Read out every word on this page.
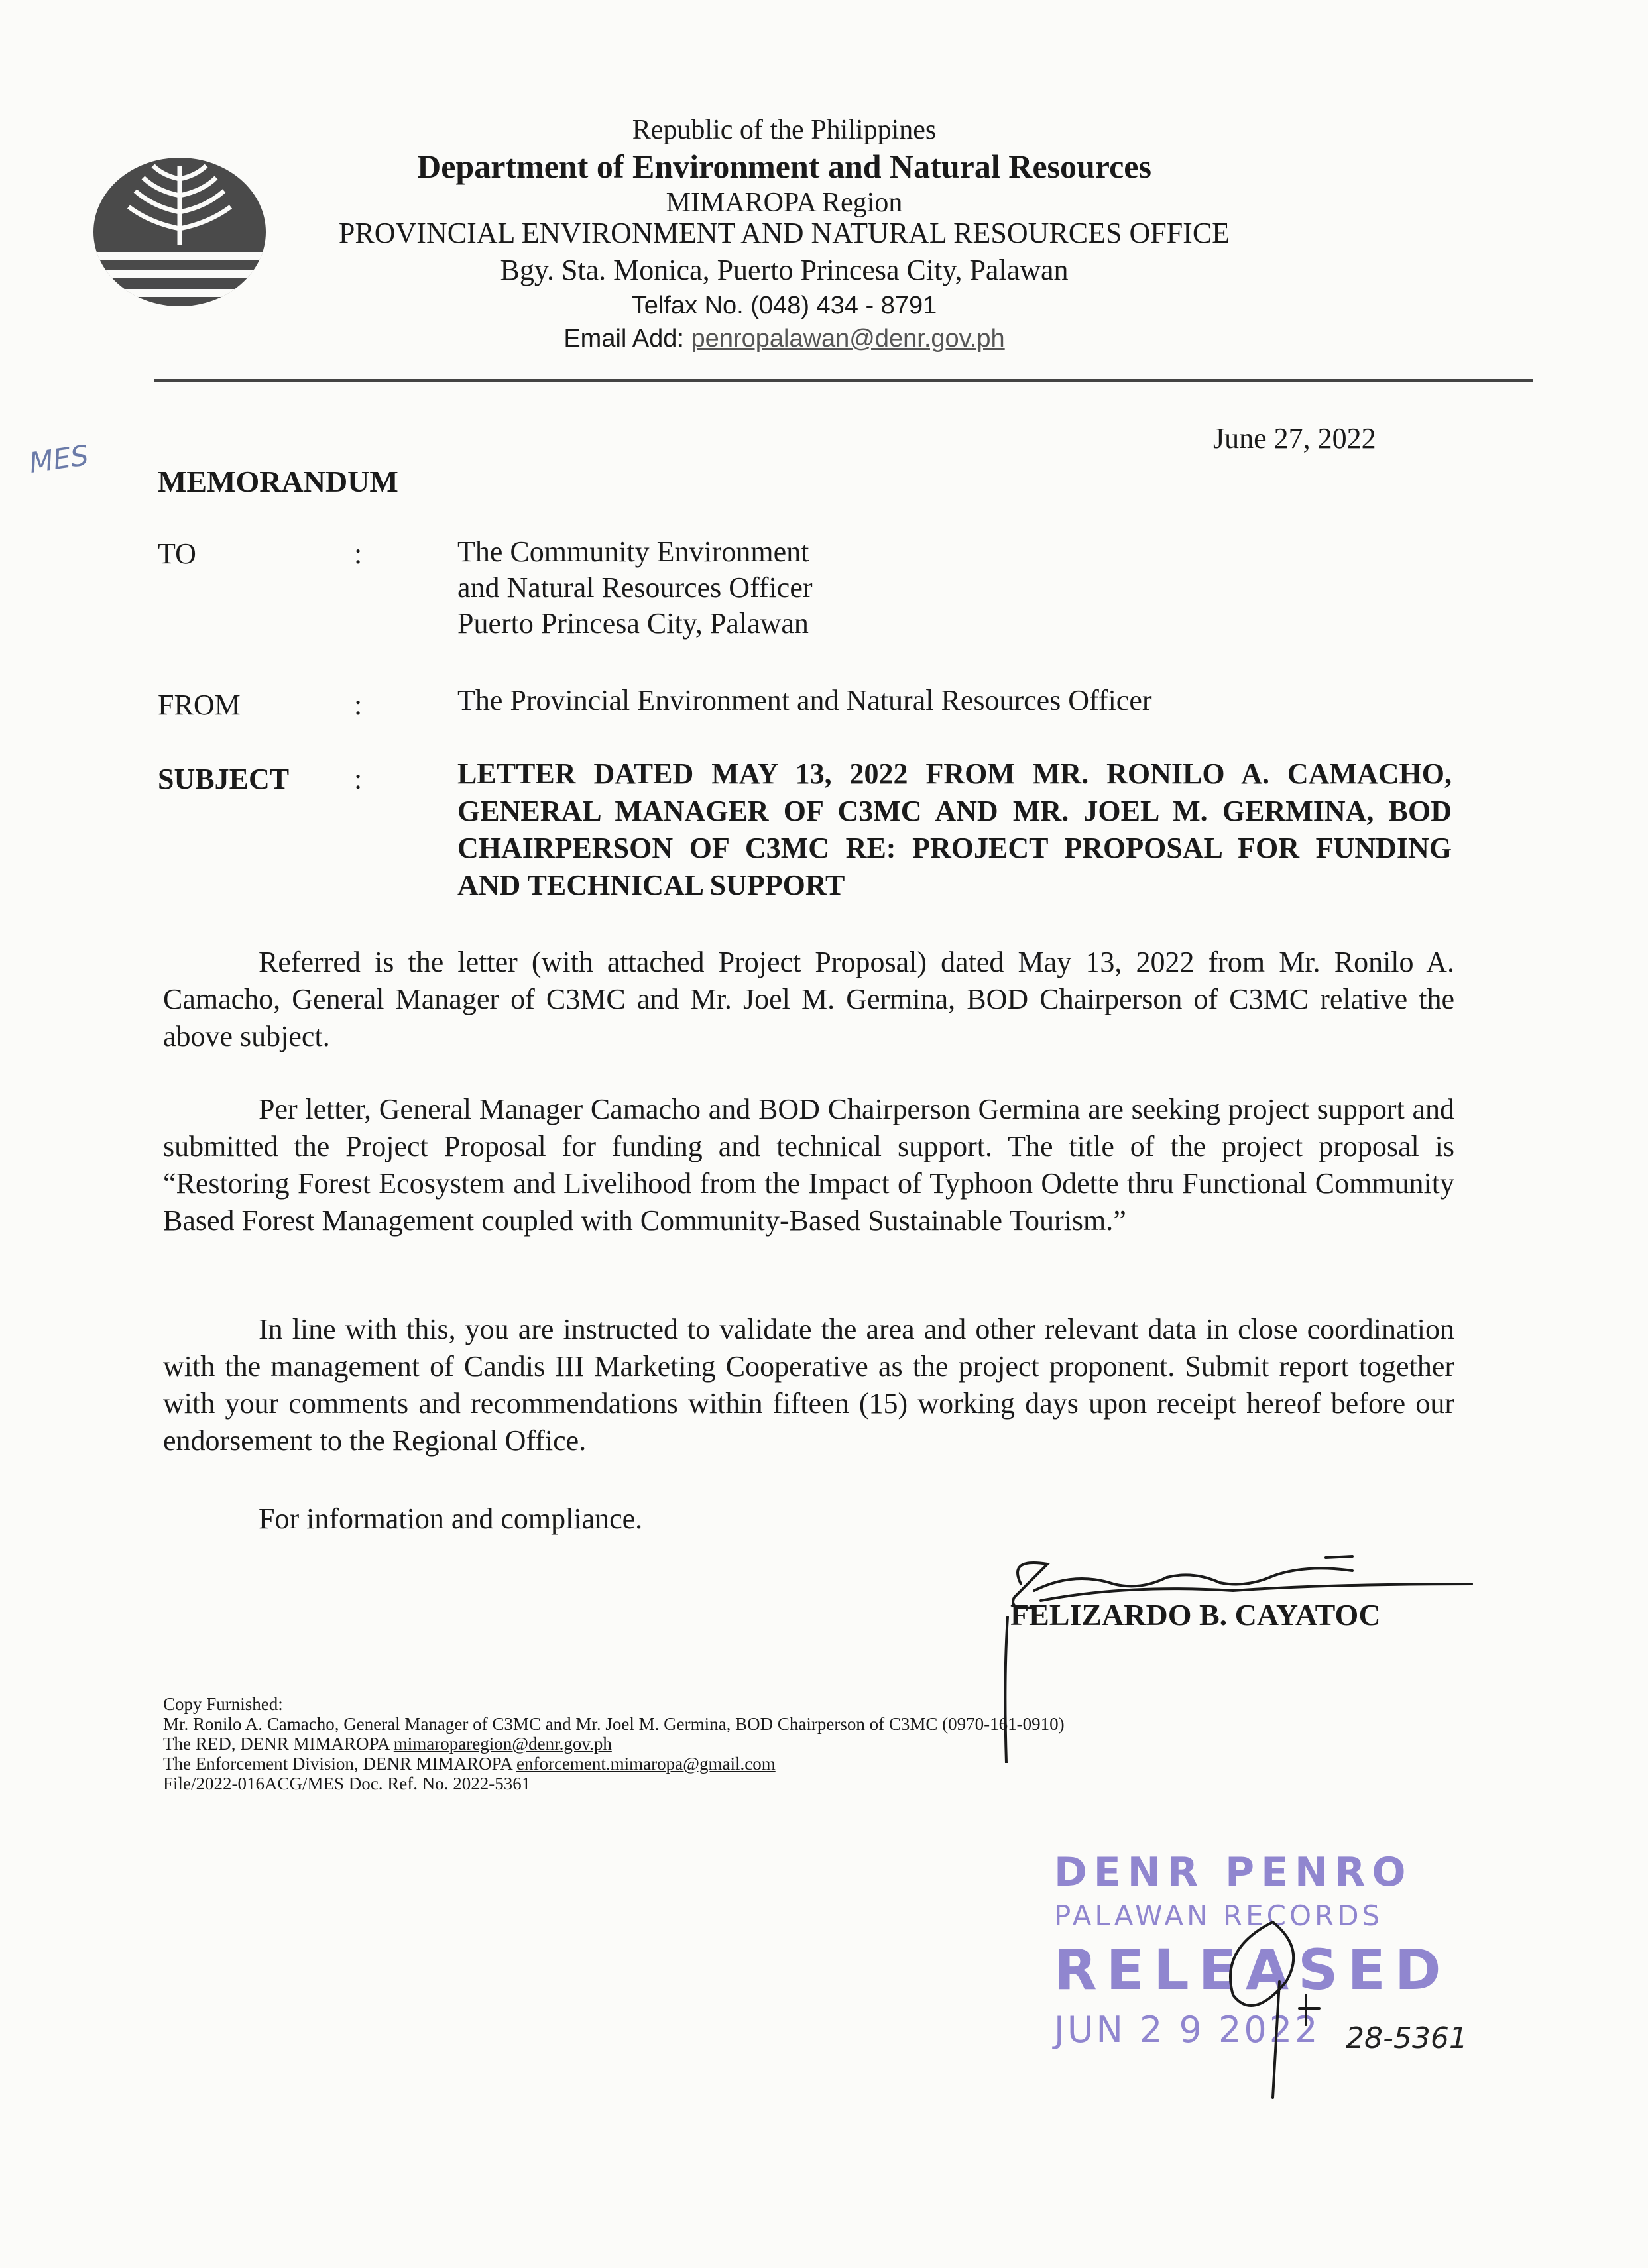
Republic of the Philippines
Department of Environment and Natural Resources
MIMAROPA Region
PROVINCIAL ENVIRONMENT AND NATURAL RESOURCES OFFICE
Bgy. Sta. Monica, Puerto Princesa City, Palawan
Telfax No. (048) 434 - 8791
Email Add: penropalawan@denr.gov.ph
MES
June 27, 2022
MEMORANDUM
TO	:	The Community Environment
and Natural Resources Officer
Puerto Princesa City, Palawan
FROM	:	The Provincial Environment and Natural Resources Officer
SUBJECT :	LETTER DATED MAY 13, 2022 FROM MR. RONILO A. CAMACHO, GENERAL MANAGER OF C3MC AND MR. JOEL M. GERMINA, BOD CHAIRPERSON OF C3MC RE: PROJECT PROPOSAL FOR FUNDING AND TECHNICAL SUPPORT
Referred is the letter (with attached Project Proposal) dated May 13, 2022 from Mr. Ronilo A. Camacho, General Manager of C3MC and Mr. Joel M. Germina, BOD Chairperson of C3MC relative the above subject.
Per letter, General Manager Camacho and BOD Chairperson Germina are seeking project support and submitted the Project Proposal for funding and technical support. The title of the project proposal is “Restoring Forest Ecosystem and Livelihood from the Impact of Typhoon Odette thru Functional Community Based Forest Management coupled with Community-Based Sustainable Tourism.”
In line with this, you are instructed to validate the area and other relevant data in close coordination with the management of Candis III Marketing Cooperative as the project proponent. Submit report together with your comments and recommendations within fifteen (15) working days upon receipt hereof before our endorsement to the Regional Office.
For information and compliance.
FELIZARDO B. CAYATOC
Copy Furnished:
Mr. Ronilo A. Camacho, General Manager of C3MC and Mr. Joel M. Germina, BOD Chairperson of C3MC (0970-161-0910)
The RED, DENR MIMAROPA mimaroparegion@denr.gov.ph
The Enforcement Division, DENR MIMAROPA enforcement.mimaropa@gmail.com
File/2022-016ACG/MES Doc. Ref. No. 2022-5361
DENR PENRO
PALAWAN RECORDS
RELEASED
JUN 2 9 2022 28-5361
